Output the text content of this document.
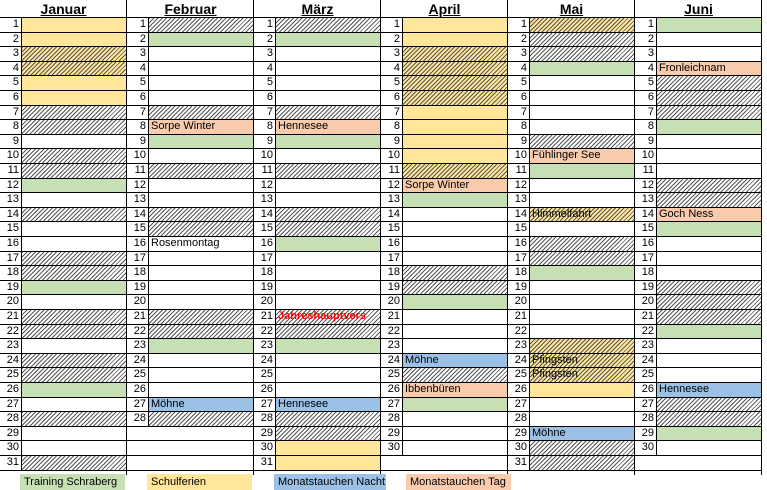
Januar
1
2
3
4
5
6
7
8
9
10
11
12
13
14
15
16
17
18
19
20
21
22
23
24
25
26
27
28
29
30
31
Februar
1
2
3
4
5
6
7
8 Sorpe Winter
9
10
11
12
13
14
15
16 Rosenmontag
17
18
19
20
21
22
23
24
25
26
27 Möhne
28
März
1
2
3
4
5
6
7
8 Hennesee
9
10
11
12
13
14
15
16
17
18
19
20
21 Jahreshauptvers
22
23
24
25
26
27 Hennesee
28
29
30
31
April
1
2
3
4
5
6
7
8
9
10
11
12 Sorpe Winter
13
14
15
16
17
18
19
20
21
22
23
24 Möhne
25
26 Ibbenbüren
27
28
29
30
Mai
1
2
3
4
5
6
7
8
9
10 Fühlinger See
11
12
13
14 Himmelfahrt
15
16
17
18
19
20
21
22
23
24 Pfingsten
25 Pfingsten
26
27
28
29 Möhne
30
31
Juni
1
2
3
4 Fronleichnam
5
6
7
8
9
10
11
12
13
14 Goch Ness
15
16
17
18
19
20
21
22
23
24
25
26 Hennesee
27
28
29
30
Training Schraberg	Schulferien	Monatstauchen Nacht	Monatstauchen Tag
